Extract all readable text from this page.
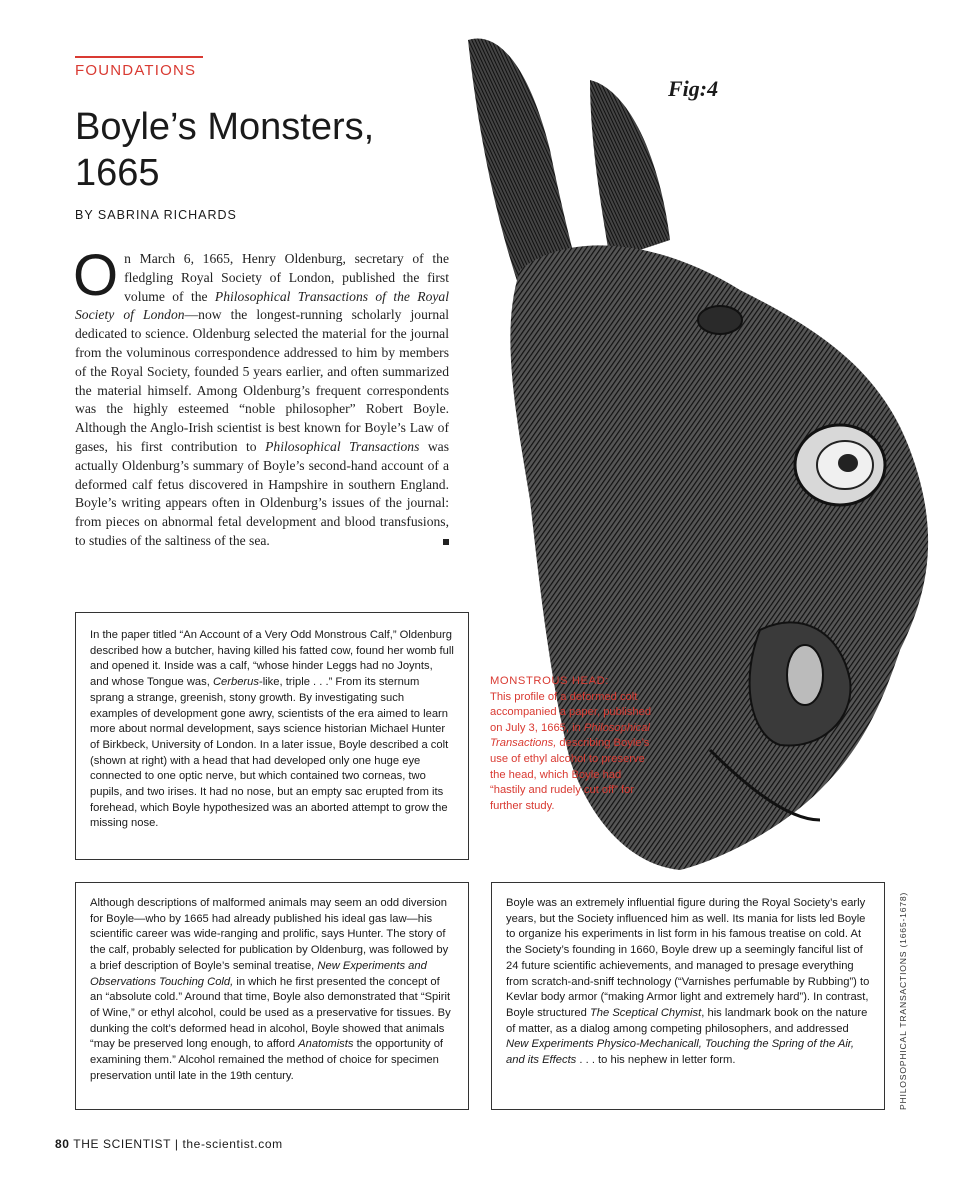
FOUNDATIONS
Boyle’s Monsters, 1665
BY SABRINA RICHARDS

On March 6, 1665, Henry Oldenburg, secretary of the fledgling Royal Society of London, published the first volume of the Philosophical Transactions of the Royal Society of London—now the longest-running scholarly journal dedicated to science. Oldenburg selected the material for the journal from the voluminous correspondence addressed to him by members of the Royal Society, founded 5 years earlier, and often summarized the material himself. Among Oldenburg’s frequent correspondents was the highly esteemed “noble philosopher” Robert Boyle. Although the Anglo-Irish scientist is best known for Boyle’s Law of gases, his first contribution to Philosophical Transactions was actually Oldenburg’s summary of Boyle’s second-hand account of a deformed calf fetus discovered in Hampshire in southern England. Boyle’s writing appears often in Oldenburg’s issues of the journal: from pieces on abnormal fetal development and blood transfusions, to studies of the saltiness of the sea.

In the paper titled “An Account of a Very Odd Monstrous Calf,” Oldenburg described how a butcher, having killed his fatted cow, found her womb full and opened it. Inside was a calf, “whose hinder Leggs had no Joynts, and whose Tongue was, Cerberus-like, triple . . .” From its sternum sprang a strange, greenish, stony growth. By investigating such examples of development gone awry, scientists of the era aimed to learn more about normal development, says science historian Michael Hunter of Birkbeck, University of London. In a later issue, Boyle described a colt (shown at right) with a head that had developed only one huge eye connected to one optic nerve, but which contained two corneas, two pupils, and two irises. It had no nose, but an empty sac erupted from its forehead, which Boyle hypothesized was an aborted attempt to grow the missing nose.

Although descriptions of malformed animals may seem an odd diversion for Boyle—who by 1665 had already published his ideal gas law—his scientific career was wide-ranging and prolific, says Hunter. The story of the calf, probably selected for publication by Oldenburg, was followed by a brief description of Boyle’s seminal treatise, New Experiments and Observations Touching Cold, in which he first presented the concept of an “absolute cold.” Around that time, Boyle also demonstrated that “Spirit of Wine,” or ethyl alcohol, could be used as a preservative for tissues. By dunking the colt’s deformed head in alcohol, Boyle showed that animals “may be preserved long enough, to afford Anatomists the opportunity of examining them.” Alcohol remained the method of choice for specimen preservation until late in the 19th century.

Boyle was an extremely influential figure during the Royal Society’s early years, but the Society influenced him as well. Its mania for lists led Boyle to organize his experiments in list form in his famous treatise on cold. At the Society’s founding in 1660, Boyle drew up a seemingly fanciful list of 24 future scientific achievements, and managed to presage everything from scratch-and-sniff technology (“Varnishes perfumable by Rubbing”) to Kevlar body armor (“making Armor light and extremely hard”). In contrast, Boyle structured The Sceptical Chymist, his landmark book on the nature of matter, as a dialog among competing philosophers, and addressed New Experiments Physico-Mechanicall, Touching the Spring of the Air, and its Effects . . . to his nephew in letter form.

Fig:4
MONSTROUS HEAD:
This profile of a deformed colt accompanied a paper, published on July 3, 1665, in Philosophical Transactions, describing Boyle’s use of ethyl alcohol to preserve the head, which Boyle had “hastily and rudely cut off” for further study.
PHILOSOPHICAL TRANSACTIONS (1665-1678)
80 THE SCIENTIST | the-scientist.com
